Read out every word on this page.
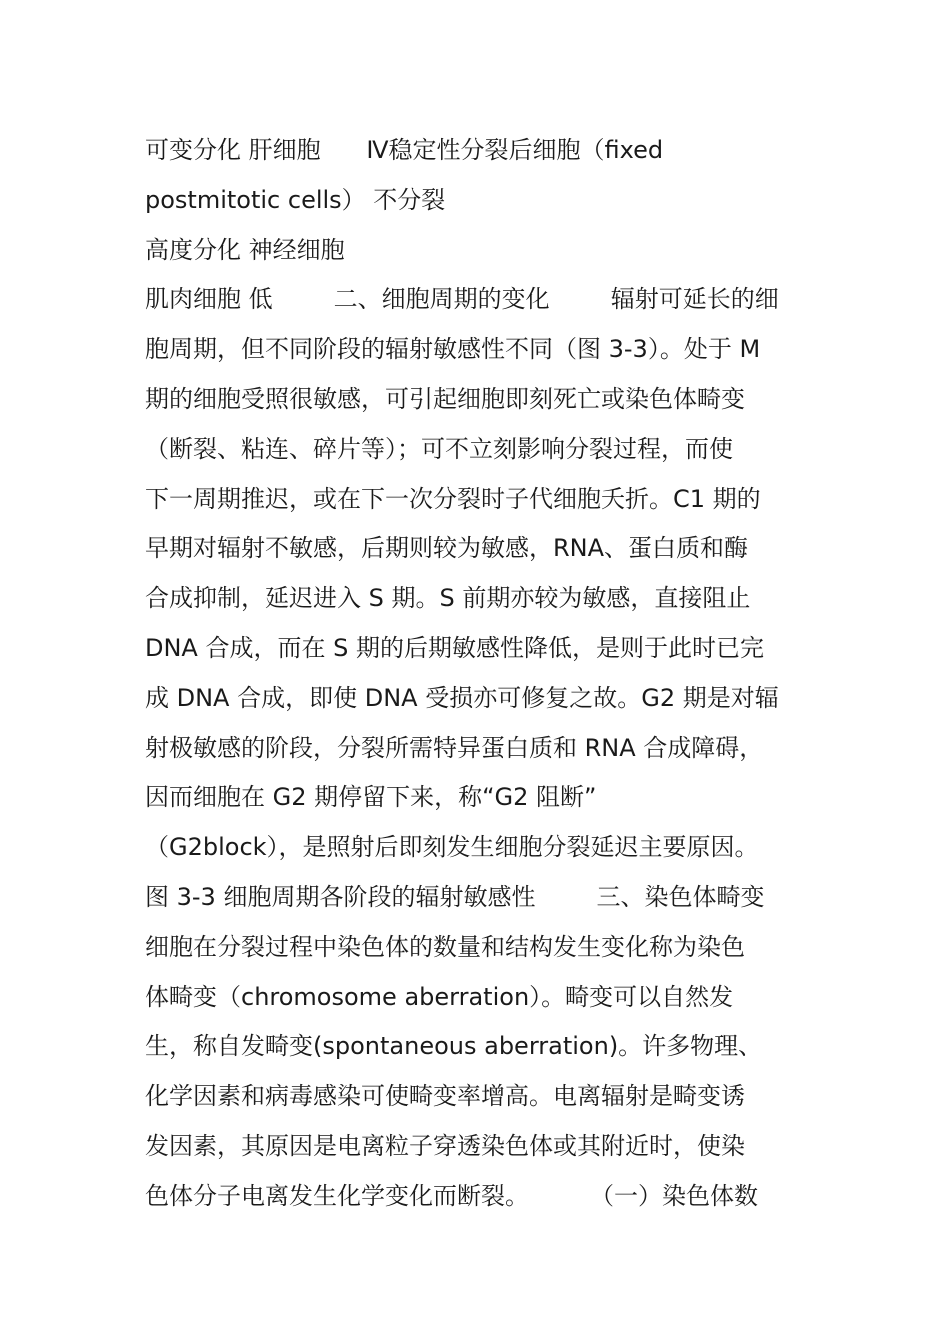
可变分化 肝细胞      Ⅳ稳定性分裂后细胞（fixed
postmitotic cells） 不分裂
高度分化 神经细胞
肌肉细胞 低        二、细胞周期的变化        辐射可延长的细
胞周期，但不同阶段的辐射敏感性不同（图 3-3）。处于 M
期的细胞受照很敏感，可引起细胞即刻死亡或染色体畸变
（断裂、粘连、碎片等）；可不立刻影响分裂过程，而使
下一周期推迟，或在下一次分裂时子代细胞夭折。C1 期的
早期对辐射不敏感，后期则较为敏感，RNA、蛋白质和酶
合成抑制，延迟进入 S 期。S 前期亦较为敏感，直接阻止
DNA 合成，而在 S 期的后期敏感性降低，是则于此时已完
成 DNA 合成，即使 DNA 受损亦可修复之故。G2 期是对辐
射极敏感的阶段，分裂所需特异蛋白质和 RNA 合成障碍，
因而细胞在 G2 期停留下来，称“G2 阻断”
（G2block），是照射后即刻发生细胞分裂延迟主要原因。
图 3-3 细胞周期各阶段的辐射敏感性        三、染色体畸变
细胞在分裂过程中染色体的数量和结构发生变化称为染色
体畸变（chromosome aberration）。畸变可以自然发
生，称自发畸变(spontaneous aberration)。许多物理、
化学因素和病毒感染可使畸变率增高。电离辐射是畸变诱
发因素，其原因是电离粒子穿透染色体或其附近时，使染
色体分子电离发生化学变化而断裂。        （一）染色体数
